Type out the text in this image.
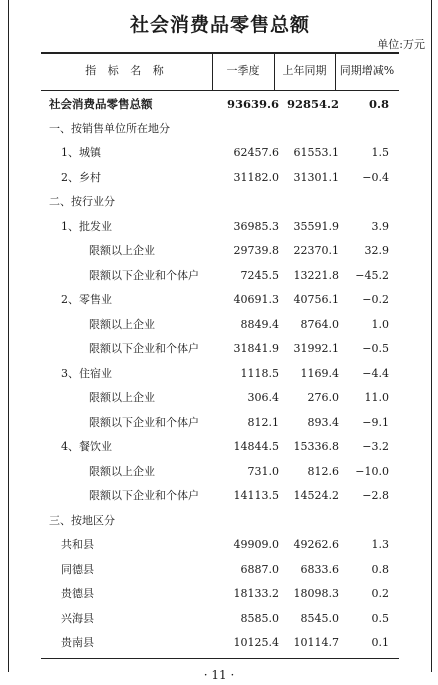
社会消费品零售总额
单位:万元
指 标 名 称	一季度	上年同期	同期增减%
社会消费品零售总额	93639.6 92854.2	0.8
一、按销售单位所在地分
1、城镇	62457.6 61553.1	1.5
2、乡村	31182.0 31301.1 −0.4
二、按行业分
1、批发业	36985.3 35591.9	3.9
限额以上企业	29739.8 22370.1 32.9
限额以下企业和个体户	7245.5 13221.8 −45.2
2、零售业	40691.3 40756.1 −0.2
限额以上企业	8849.4 8764.0	1.0
限额以下企业和个体户	31841.9 31992.1 −0.5
3、住宿业	1118.5 1169.4 −4.4
限额以上企业	306.4	276.0 11.0
限额以下企业和个体户	812.1	893.4 −9.1
4、餐饮业	14844.5 15336.8 −3.2
限额以上企业	731.0	812.6 −10.0
限额以下企业和个体户	14113.5 14524.2 −2.8
三、按地区分
共和县	49909.0 49262.6	1.3
同德县	6887.0 6833.6	0.8
贵德县	18133.2 18098.3	0.2
兴海县	8585.0 8545.0	0.5
贵南县	10125.4 10114.7	0.1
· 11 ·
